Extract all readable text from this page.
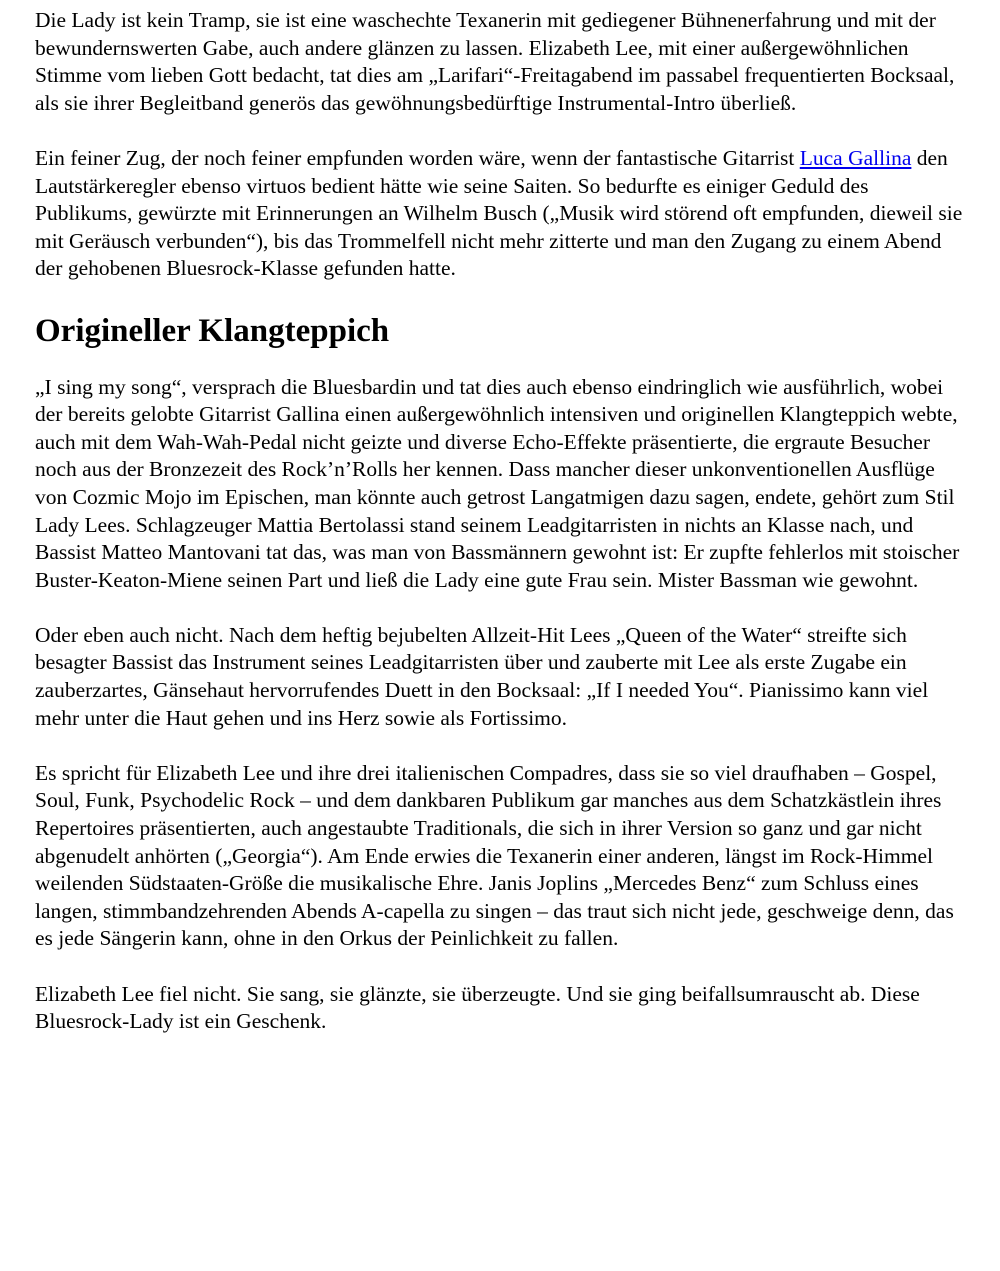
Die Lady ist kein Tramp, sie ist eine waschechte Texanerin mit gediegener Bühnenerfahrung und mit der bewundernswerten Gabe, auch andere glänzen zu lassen. Elizabeth Lee, mit einer außergewöhnlichen Stimme vom lieben Gott bedacht, tat dies am „Larifari“-Freitagabend im passabel frequentierten Bocksaal, als sie ihrer Begleitband generös das gewöhnungsbedürftige Instrumental-Intro überließ.

Ein feiner Zug, der noch feiner empfunden worden wäre, wenn der fantastische Gitarrist Luca Gallina den Lautstärkeregler ebenso virtuos bedient hätte wie seine Saiten. So bedurfte es einiger Geduld des Publikums, gewürzte mit Erinnerungen an Wilhelm Busch („Musik wird störend oft empfunden, dieweil sie mit Geräusch verbunden“), bis das Trommelfell nicht mehr zitterte und man den Zugang zu einem Abend der gehobenen Bluesrock-Klasse gefunden hatte.

Origineller Klangteppich

„I sing my song“, versprach die Bluesbardin und tat dies auch ebenso eindringlich wie ausführlich, wobei der bereits gelobte Gitarrist Gallina einen außergewöhnlich intensiven und originellen Klangteppich webte, auch mit dem Wah-Wah-Pedal nicht geizte und diverse Echo-Effekte präsentierte, die ergraute Besucher noch aus der Bronzezeit des Rock’n’Rolls her kennen. Dass mancher dieser unkonventionellen Ausflüge von Cozmic Mojo im Epischen, man könnte auch getrost Langatmigen dazu sagen, endete, gehört zum Stil Lady Lees. Schlagzeuger Mattia Bertolassi stand seinem Leadgitarristen in nichts an Klasse nach, und Bassist Matteo Mantovani tat das, was man von Bassmännern gewohnt ist: Er zupfte fehlerlos mit stoischer Buster-Keaton-Miene seinen Part und ließ die Lady eine gute Frau sein. Mister Bassman wie gewohnt.

Oder eben auch nicht. Nach dem heftig bejubelten Allzeit-Hit Lees „Queen of the Water“ streifte sich besagter Bassist das Instrument seines Leadgitarristen über und zauberte mit Lee als erste Zugabe ein zauberzartes, Gänsehaut hervorrufendes Duett in den Bocksaal: „If I needed You“. Pianissimo kann viel mehr unter die Haut gehen und ins Herz sowie als Fortissimo.

Es spricht für Elizabeth Lee und ihre drei italienischen Compadres, dass sie so viel draufhaben – Gospel, Soul, Funk, Psychodelic Rock – und dem dankbaren Publikum gar manches aus dem Schatzkästlein ihres Repertoires präsentierten, auch angestaubte Traditionals, die sich in ihrer Version so ganz und gar nicht abgenudelt anhörten („Georgia“). Am Ende erwies die Texanerin einer anderen, längst im Rock-Himmel weilenden Südstaaten-Größe die musikalische Ehre. Janis Joplins „Mercedes Benz“ zum Schluss eines langen, stimmbandzehrenden Abends A-capella zu singen – das traut sich nicht jede, geschweige denn, das es jede Sängerin kann, ohne in den Orkus der Peinlichkeit zu fallen.

Elizabeth Lee fiel nicht. Sie sang, sie glänzte, sie überzeugte. Und sie ging beifallsumrauscht ab. Diese Bluesrock-Lady ist ein Geschenk.
